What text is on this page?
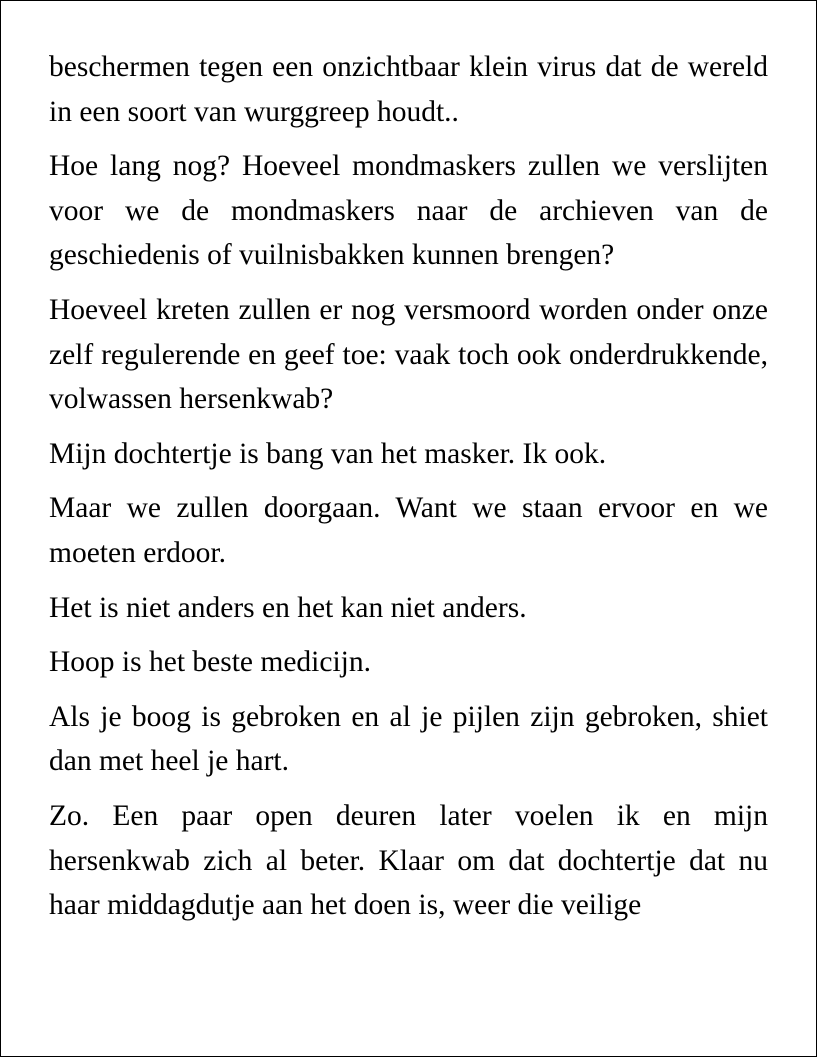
beschermen tegen een onzichtbaar klein virus dat de wereld in een soort van wurggreep houdt..

Hoe lang nog? Hoeveel mondmaskers zullen we verslijten voor we de mondmaskers naar de archieven van de geschiedenis of vuilnisbakken kunnen brengen?

Hoeveel kreten zullen er nog versmoord worden onder onze zelf regulerende en geef toe: vaak toch ook onderdrukkende, volwassen hersenkwab?

Mijn dochtertje is bang van het masker. Ik ook.

Maar we zullen doorgaan. Want we staan ervoor en we moeten erdoor.

Het is niet anders en het kan niet anders.

Hoop is het beste medicijn.

Als je boog is gebroken en al je pijlen zijn gebroken, shiet dan met heel je hart.

Zo. Een paar open deuren later voelen ik en mijn hersenkwab zich al beter. Klaar om dat dochtertje dat nu haar middagdutje aan het doen is, weer die veilige
